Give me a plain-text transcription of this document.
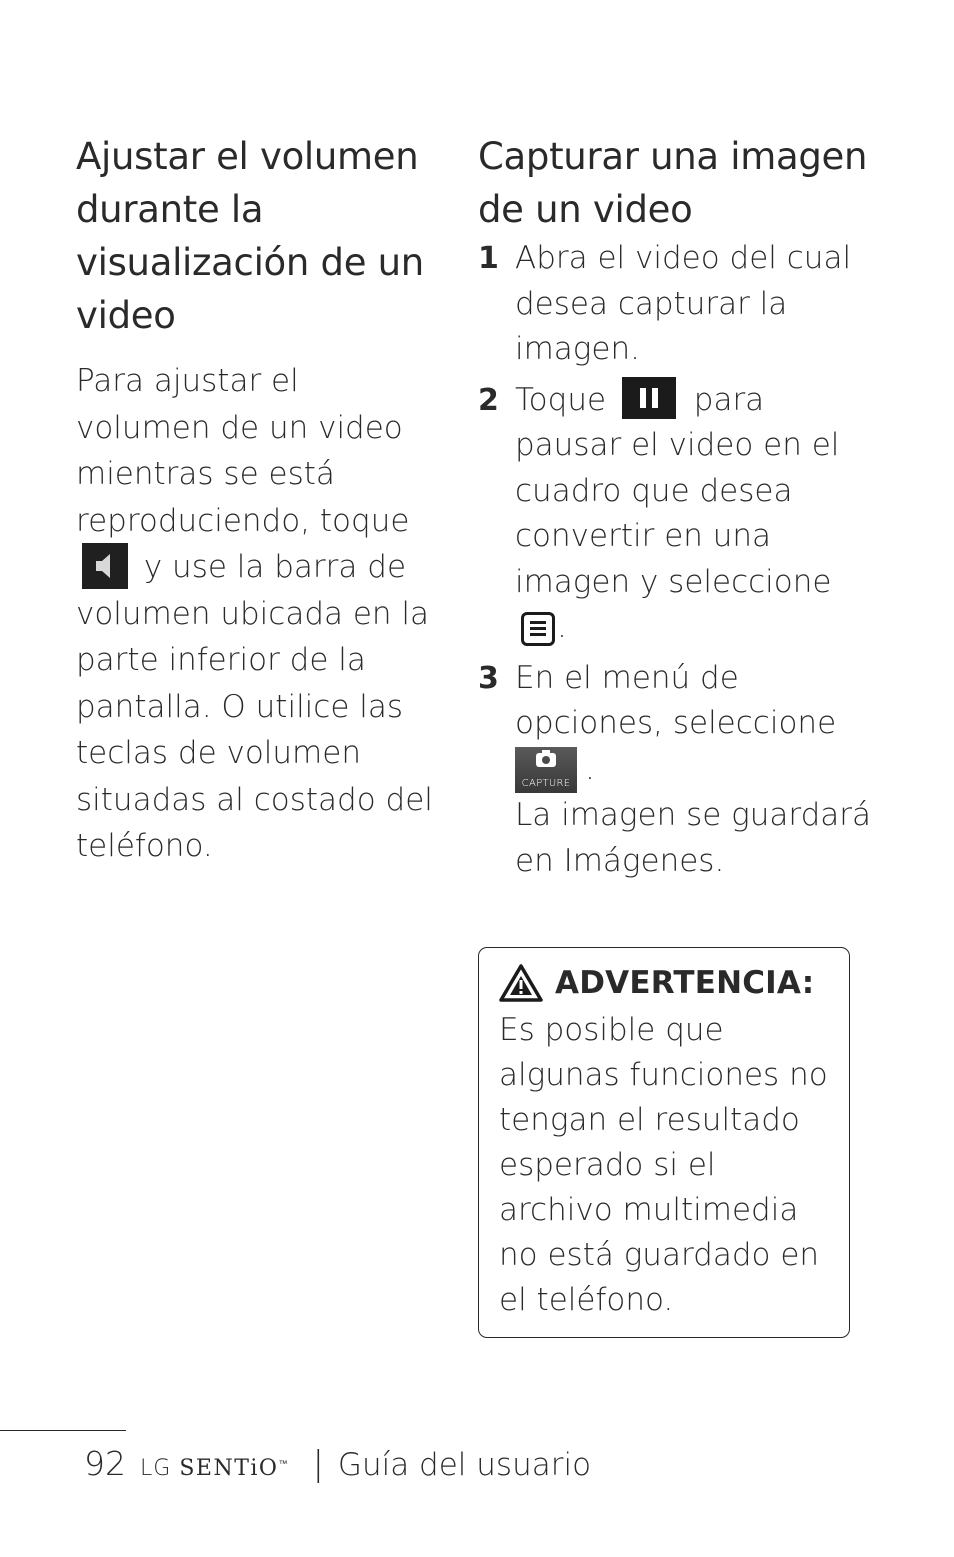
Ajustar el volumen durante la visualización de un video

Para ajustar el volumen de un video mientras se está reproduciendo, toque

y use la barra de volumen ubicada en la parte inferior de la pantalla. O utilice las teclas de volumen situadas al costado del teléfono.

Capturar una imagen de un video
1 Abra el video del cual desea capturar la imagen.
2 Toque	para pausar el video en el cuadro que desea convertir en una imagen y seleccione

.
3 En el menú de opciones, seleccione

CAPTURE .
La imagen se guardará en Imágenes.
ADVERTENCIA:

Es posible que algunas funciones no tengan el resultado esperado si el archivo multimedia no está guardado en el teléfono.

92 LG SENTiO™ | Guía del usuario
